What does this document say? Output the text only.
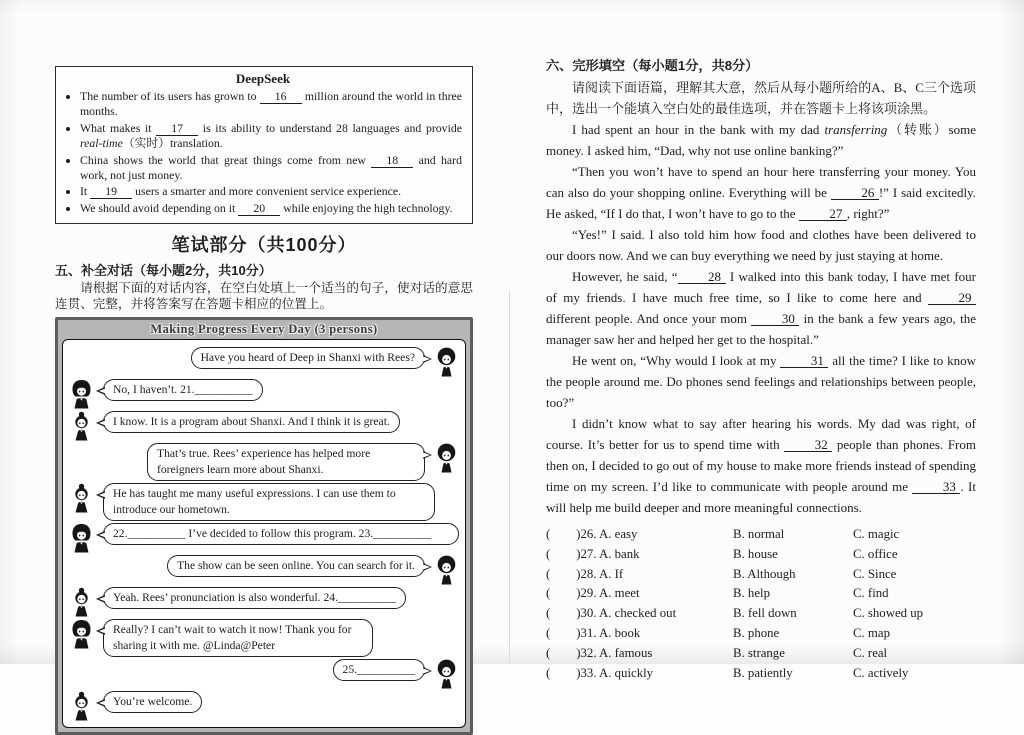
DeepSeek
• The number of its users has grown to 16 million around the world in three months.
• What makes it 17 is its ability to understand 28 languages and provide real-time（实时）translation.
• China shows the world that great things come from new 18 and hard work, not just money.
• It 19 users a smarter and more convenient service experience.
• We should avoid depending on it 20 while enjoying the high technology.
笔试部分（共100分）
五、补全对话（每小题2分，共10分）

请根据下面的对话内容，在空白处填上一个适当的句子，使对话的意思连贯、完整，并将答案写在答题卡相应的位置上。

Making Progress Every Day (3 persons)
Have you heard of Deep in Shanxi with Rees?
No, I haven’t. 21.__________
I know. It is a program about Shanxi. And I think it is great.
That’s true. Rees’ experience has helped more foreigners learn more about Shanxi.
He has taught me many useful expressions. I can use them to introduce our hometown.
22.__________ I’ve decided to follow this program. 23.__________
The show can be seen online. You can search for it.
Yeah. Rees’ pronunciation is also wonderful. 24.__________
Really? I can’t wait to watch it now! Thank you for sharing it with me. @Linda@Peter
25.__________
You’re welcome.
六、完形填空（每小题1分，共8分）

请阅读下面语篇，理解其大意，然后从每小题所给的A、B、C三个选项中，选出一个能填入空白处的最佳选项，并在答题卡上将该项涂黑。

I had spent an hour in the bank with my dad transferring（转账）some money. I asked him, “Dad, why not use online banking?”

“Then you won’t have to spend an hour here transferring your money. You can also do your shopping online. Everything will be 26 !” I said excitedly. He asked, “If I do that, I won’t have to go to the 27 , right?”

“Yes!” I said. I also told him how food and clothes have been delivered to our doors now. And we can buy everything we need by just staying at home.

However, he said, “ 28 I walked into this bank today, I have met four of my friends. I have much free time, so I like to come here and 29 different people. And once your mom 30 in the bank a few years ago, the manager saw her and helped her get to the hospital.”

He went on, “Why would I look at my 31 all the time? I like to know the people around me. Do phones send feelings and relationships between people, too?”

I didn’t know what to say after hearing his words. My dad was right, of course. It’s better for us to spend time with 32 people than phones. From then on, I decided to go out of my house to make more friends instead of spending time on my screen. I’d like to communicate with people around me 33 . It will help me build deeper and more meaningful connections.

( )26. A. easy	B. normal	C. magic
( )27. A. bank	B. house	C. office
( )28. A. If	B. Although	C. Since
( )29. A. meet	B. help	C. find
( )30. A. checked out	B. fell down	C. showed up
( )31. A. book	B. phone	C. map
( )32. A. famous	B. strange	C. real
( )33. A. quickly	B. patiently	C. actively
